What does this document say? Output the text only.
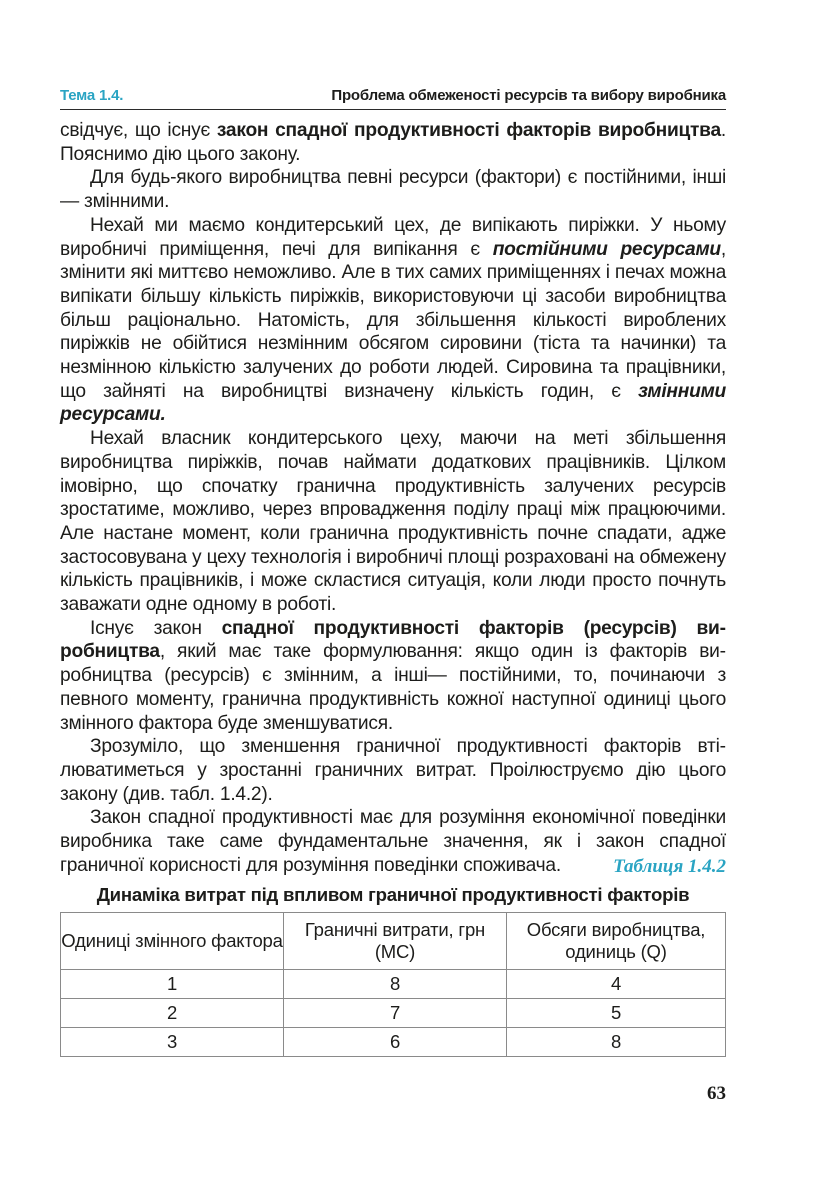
Тема 1.4.	Проблема обмеженості ресурсів та вибору виробника

свідчує, що існує закон спадної продуктивності факторів виробництва. Пояснимо дію цього закону.

Для будь-якого виробництва певні ресурси (фактори) є постійними, інші — змінними.

Нехай ми маємо кондитерський цех, де випікають пиріжки. У ньому виробничі приміщення, печі для випікання є постійними ресурсами, змінити які миттєво неможливо. Але в тих самих приміщеннях і печах можна випікати більшу кількість пиріжків, використовуючи ці засоби виробництва більш раціонально. Натомість, для збільшення кількості вироблених пиріжків не обійтися незмінним обсягом сировини (тіста та начинки) та незмінною кількістю залучених до роботи людей. Сировина та працівники, що зайняті на виробництві визначену кількість годин, є змінними ресурсами.

Нехай власник кондитерського цеху, маючи на меті збільшення виробництва пиріжків, почав наймати додаткових працівників. Цілком імовірно, що спочатку гранична продуктивність залучених ресурсів зростатиме, можливо, через впровадження поділу праці між працюючими. Але настане момент, коли гранична продуктивність почне спадати, адже застосовувана у цеху технологія і виробничі площі розраховані на обмежену кількість працівників, і може скластися ситуація, коли люди просто почнуть заважати одне одному в роботі.

Існує закон спадної продуктивності факторів (ресурсів) виробництва, який має таке формулювання: якщо один із факторів виробництва (ресурсів) є змінним, а інші— постійними, то, починаючи з певного моменту, гранична продуктивність кожної наступної одиниці цього змінного фактора буде зменшуватися.

Зрозуміло, що зменшення граничної продуктивності факторів втілюватиметься у зростанні граничних витрат. Проілюструємо дію цього закону (див. табл. 1.4.2).

Закон спадної продуктивності має для розуміння економічної поведінки виробника таке саме фундаментальне значення, як і закон спадної граничної корисності для розуміння поведінки споживача.	Таблиця 1.4.2
Динаміка витрат під впливом граничної продуктивності факторів
Одиниці змінного фактора	Граничні витрати, грн (MC)	Обсяги виробництва, одиниць (Q)
1	8	4
2	7	5
3	6	8
63
